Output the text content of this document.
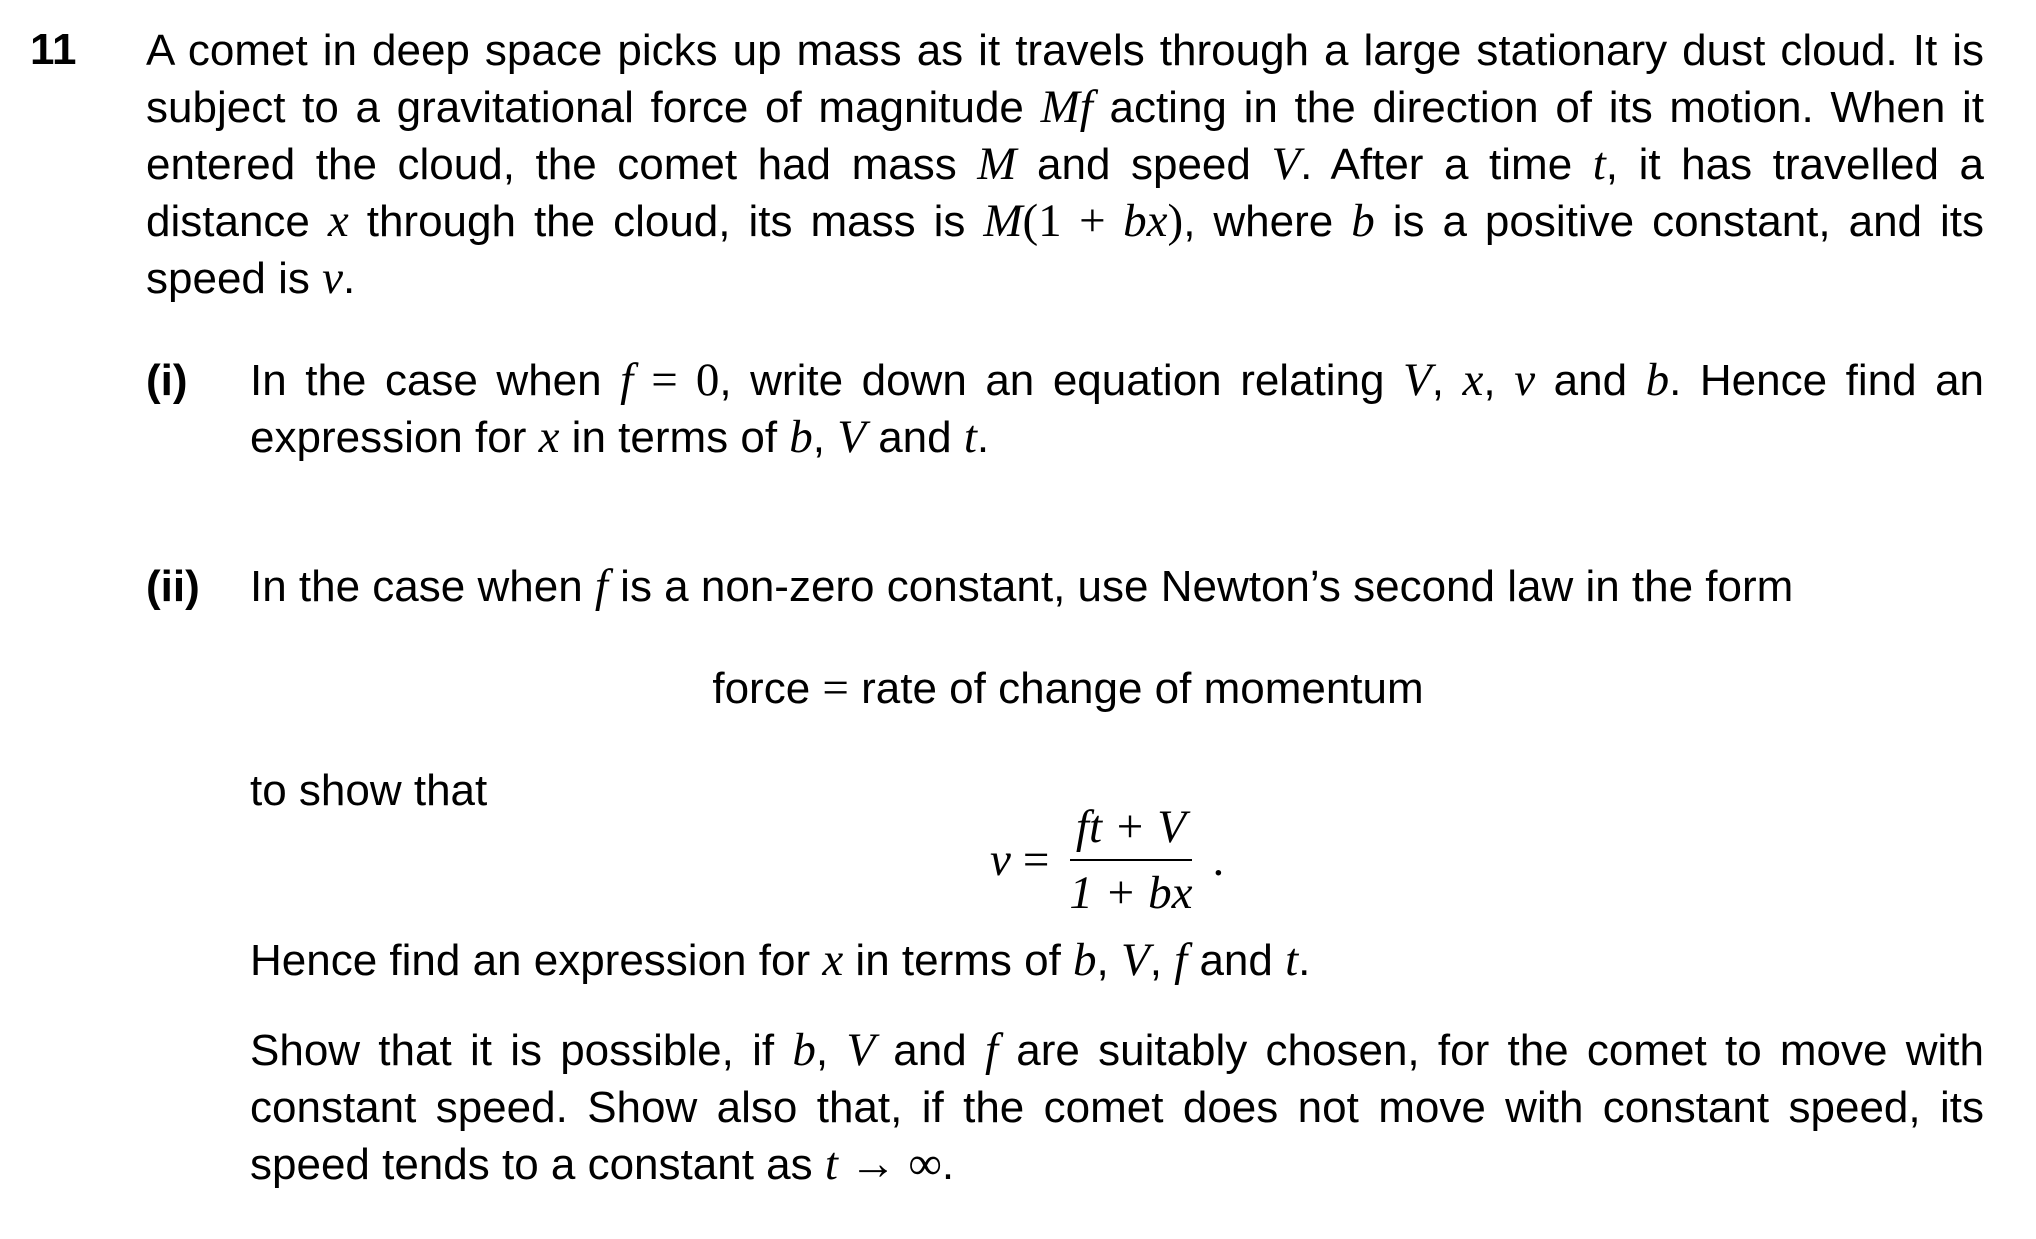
11 A comet in deep space picks up mass as it travels through a large stationary dust cloud. It is subject to a gravitational force of magnitude Mf acting in the direction of its motion. When it entered the cloud, the comet had mass M and speed V. After a time t, it has travelled a distance x through the cloud, its mass is M(1 + bx), where b is a positive constant, and its speed is v.
(i) In the case when f = 0, write down an equation relating V, x, v and b. Hence find an expression for x in terms of b, V and t.
(ii) In the case when f is a non-zero constant, use Newton’s second law in the form
force = rate of change of momentum
to show that
$v = \frac{ft + V}{1 + bx}$ .
Hence find an expression for x in terms of b, V, f and t.
Show that it is possible, if b, V and f are suitably chosen, for the comet to move with constant speed. Show also that, if the comet does not move with constant speed, its speed tends to a constant as t → ∞.
